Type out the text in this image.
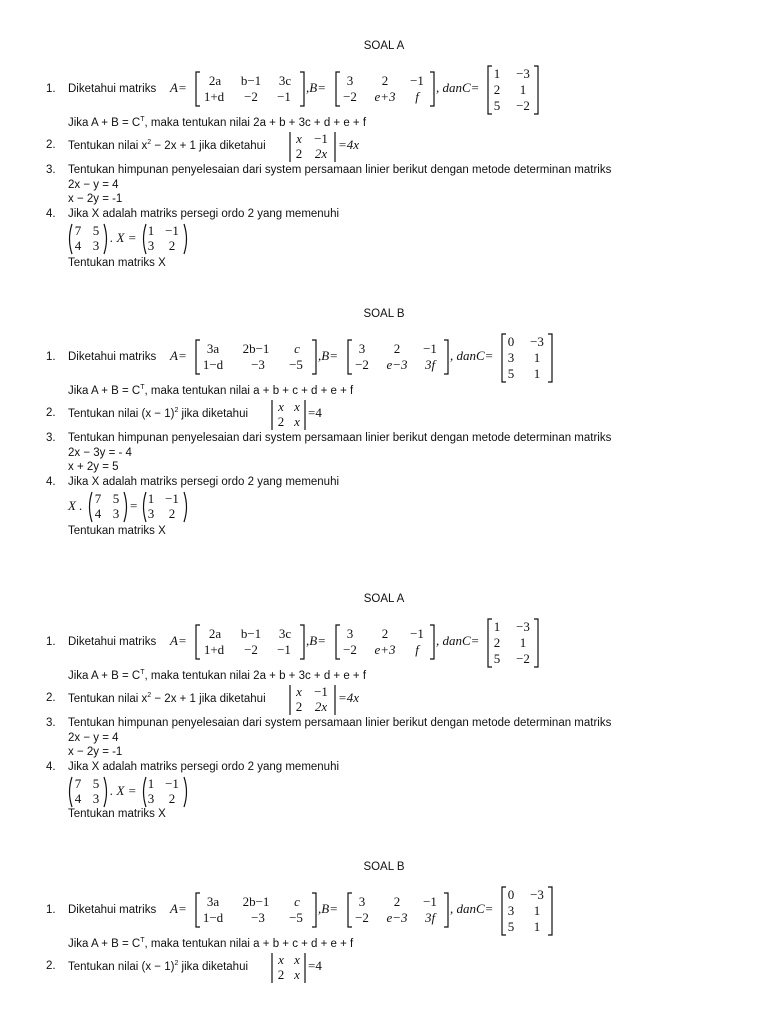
SOAL A
1. Diketahui matriks A=	2a	b−1	3c
1+d	−2	−1
,B=	3	2	−1
−2	e+3	f
, danC=
1	−3
2	1
5	−2
Jika $A + B = C^T$, maka tentukan nilai 2a + b + 3c + d + e + f
2. Tentukan nilai $x^2 - 2x + 1$ jika diketahui	x −1
2 2x
=4x
3. Tentukan himpunan penyelesaian dari system persamaan linier berikut dengan metode determinan matriks
2x − y = 4
x − 2y = -1
4. Jika X adalah matriks persegi ordo 2 yang memenuhi
7 5
4 3
. X = 1 −1
3	2
Tentukan matriks X
SOAL B
1. Diketahui matriks A=	3a	2b−1	c
1−d	−3	−5
,B=	3	2	−1
−2	e−3	3f
, danC=
0	−3
3	1
5	1
Jika $A + B = C^T$, maka tentukan nilai a + b + c + d + e + f
2. Tentukan nilai $(x - 1)^2$ jika diketahui	x x
2 x
=4
3. Tentukan himpunan penyelesaian dari system persamaan linier berikut dengan metode determinan matriks
2x − 3y = - 4
x + 2y = 5
4. Jika X adalah matriks persegi ordo 2 yang memenuhi
X . 7 5
4 3
= 1 −1
3	2
Tentukan matriks X
SOAL A
1. Diketahui matriks A=	2a	b−1	3c
1+d	−2	−1
,B=	3	2	−1
−2	e+3	f
, danC=
1	−3
2	1
5	−2
Jika $A + B = C^T$, maka tentukan nilai 2a + b + 3c + d + e + f
2. Tentukan nilai $x^2 - 2x + 1$ jika diketahui	x −1
2 2x
=4x
3. Tentukan himpunan penyelesaian dari system persamaan linier berikut dengan metode determinan matriks
2x − y = 4
x − 2y = -1
4. Jika X adalah matriks persegi ordo 2 yang memenuhi
7 5
4 3
. X = 1 −1
3	2
Tentukan matriks X
SOAL B
1. Diketahui matriks A=	3a	2b−1	c
1−d	−3	−5
,B=	3	2	−1
−2	e−3	3f
, danC=
0	−3
3	1
5	1
Jika $A + B = C^T$, maka tentukan nilai a + b + c + d + e + f
2. Tentukan nilai $(x - 1)^2$ jika diketahui	x x
2 x
=4
